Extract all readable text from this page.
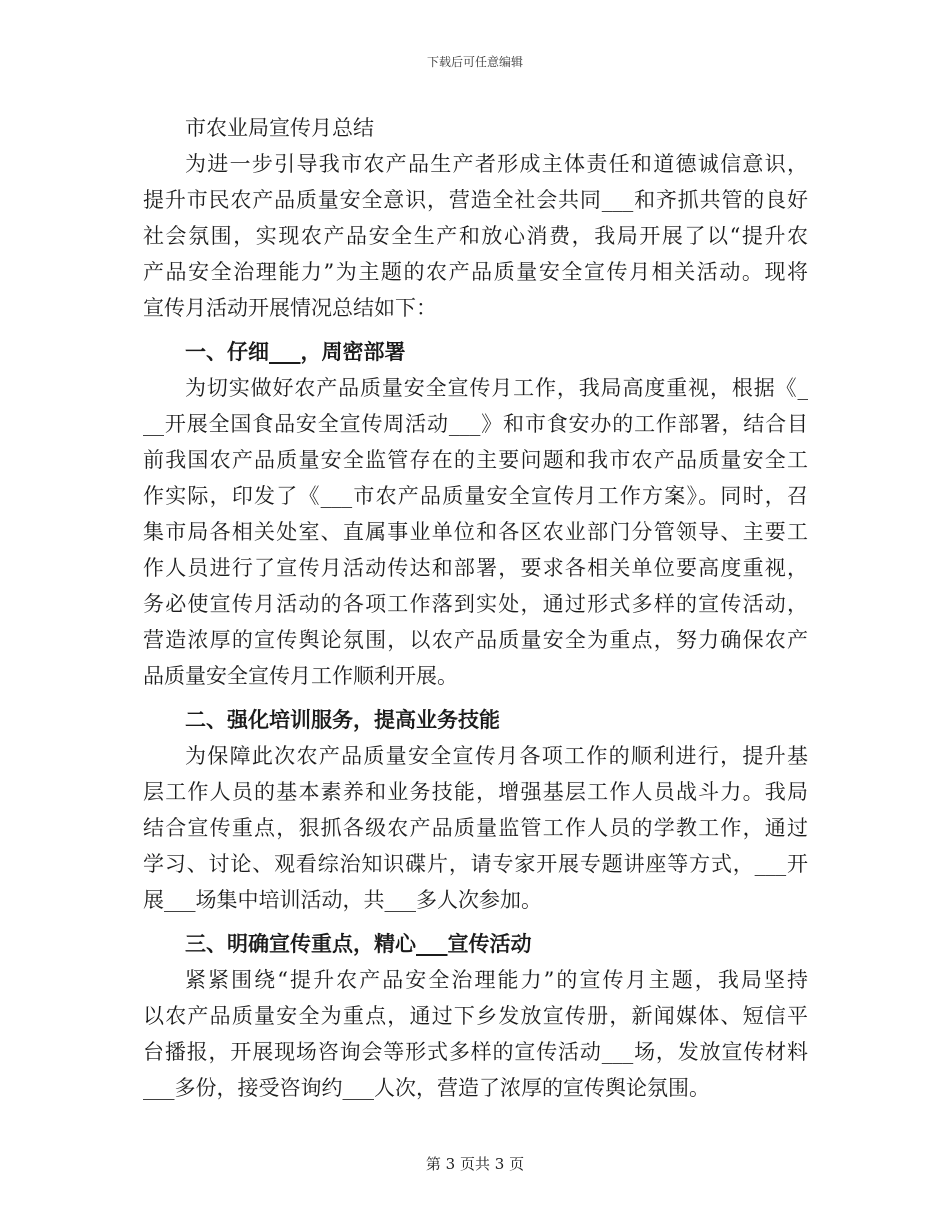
下载后可任意编辑
市农业局宣传月总结
为进一步引导我市农产品生产者形成主体责任和道德诚信意识，
提升市民农产品质量安全意识，营造全社会共同___和齐抓共管的良好
社会氛围，实现农产品安全生产和放心消费，我局开展了以“提升农
产品安全治理能力”为主题的农产品质量安全宣传月相关活动。现将
宣传月活动开展情况总结如下：
一、仔细___，周密部署
为切实做好农产品质量安全宣传月工作，我局高度重视，根据《_
__开展全国食品安全宣传周活动___》和市食安办的工作部署，结合目
前我国农产品质量安全监管存在的主要问题和我市农产品质量安全工
作实际，印发了《___市农产品质量安全宣传月工作方案》。同时，召
集市局各相关处室、直属事业单位和各区农业部门分管领导、主要工
作人员进行了宣传月活动传达和部署，要求各相关单位要高度重视，
务必使宣传月活动的各项工作落到实处，通过形式多样的宣传活动，
营造浓厚的宣传舆论氛围，以农产品质量安全为重点，努力确保农产
品质量安全宣传月工作顺利开展。
二、强化培训服务，提高业务技能
为保障此次农产品质量安全宣传月各项工作的顺利进行，提升基
层工作人员的基本素养和业务技能，增强基层工作人员战斗力。我局
结合宣传重点，狠抓各级农产品质量监管工作人员的学教工作，通过
学习、讨论、观看综治知识碟片，请专家开展专题讲座等方式，___开
展___场集中培训活动，共___多人次参加。
三、明确宣传重点，精心___宣传活动
紧紧围绕“提升农产品安全治理能力”的宣传月主题，我局坚持
以农产品质量安全为重点，通过下乡发放宣传册，新闻媒体、短信平
台播报，开展现场咨询会等形式多样的宣传活动___场，发放宣传材料
___多份，接受咨询约___人次，营造了浓厚的宣传舆论氛围。
第 3 页共 3 页
